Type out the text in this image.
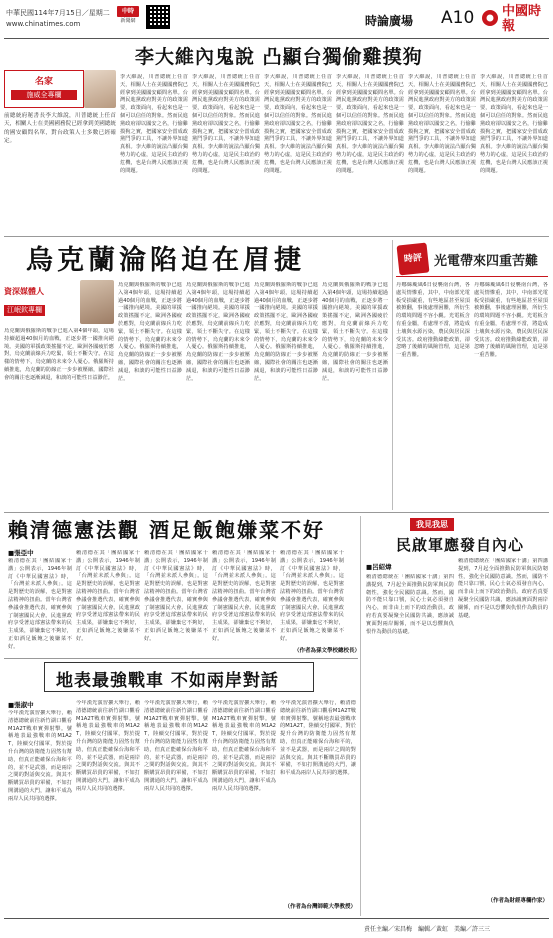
中華民國114年7月15日／星期二
www.chinatimes.com
中時
新聞網	時論廣場 A10 中國時報
李大維內鬼說 凸顯台獨偷雞摸狗
名家
施威全專欄
前總統府秘書長李大維說，川普總統上任首天，相關人士在美國國務院已經拿到美國總統的國安顧問名單，對台政策人士多數已經確定。
李大維說，川普總統上任首天，相關人士在美國國務院已經拿到美國國安顧問名單。台灣民進黨政府對美方的政策需要，政策面向，看起來也是一個可以信任的對象。然而民進黨政府卻以國安之名，行偷雞摸狗之實，把國家安全當成政黨鬥爭的工具，不讓外界知道真相。李大維的說法凸顯台獨勢力的心虛，這是民主政治的危機，也是台灣人民應該正視的問題。
李大維說，川普總統上任首天，相關人士在美國國務院已經拿到美國國安顧問名單。台灣民進黨政府對美方的政策需要，政策面向，看起來也是一個可以信任的對象。然而民進黨政府卻以國安之名，行偷雞摸狗之實，把國家安全當成政黨鬥爭的工具，不讓外界知道真相。李大維的說法凸顯台獨勢力的心虛，這是民主政治的危機，也是台灣人民應該正視的問題。
李大維說，川普總統上任首天，相關人士在美國國務院已經拿到美國國安顧問名單。台灣民進黨政府對美方的政策需要，政策面向，看起來也是一個可以信任的對象。然而民進黨政府卻以國安之名，行偷雞摸狗之實，把國家安全當成政黨鬥爭的工具，不讓外界知道真相。李大維的說法凸顯台獨勢力的心虛，這是民主政治的危機，也是台灣人民應該正視的問題。
李大維說，川普總統上任首天，相關人士在美國國務院已經拿到美國國安顧問名單。台灣民進黨政府對美方的政策需要，政策面向，看起來也是一個可以信任的對象。然而民進黨政府卻以國安之名，行偷雞摸狗之實，把國家安全當成政黨鬥爭的工具，不讓外界知道真相。李大維的說法凸顯台獨勢力的心虛，這是民主政治的危機，也是台灣人民應該正視的問題。
李大維說，川普總統上任首天，相關人士在美國國務院已經拿到美國國安顧問名單。台灣民進黨政府對美方的政策需要，政策面向，看起來也是一個可以信任的對象。然而民進黨政府卻以國安之名，行偷雞摸狗之實，把國家安全當成政黨鬥爭的工具，不讓外界知道真相。李大維的說法凸顯台獨勢力的心虛，這是民主政治的危機，也是台灣人民應該正視的問題。
李大維說，川普總統上任首天，相關人士在美國國務院已經拿到美國國安顧問名單。台灣民進黨政府對美方的政策需要，政策面向，看起來也是一個可以信任的對象。然而民進黨政府卻以國安之名，行偷雞摸狗之實，把國家安全當成政黨鬥爭的工具，不讓外界知道真相。李大維的說法凸顯台獨勢力的心虛，這是民主政治的危機，也是台灣人民應該正視的問題。
烏克蘭淪陷迫在眉捷
資深媒體人
江岷欽專欄
烏克蘭與俄羅斯的戰爭已進入第4個年頭，這場持續超過40個月的血戰，正逐步將一國推向絕境。美國的軍援政策搖擺不定，歐洲各國疲於應對，烏克蘭前線兵力吃緊，領土不斷失守。在這樣的情勢下，烏克蘭的未來令人憂心。俄羅斯持續推進，烏克蘭的防線正一步步被壓縮，國際社會的關注也逐漸減退，和談的可能性日益渺茫。
烏克蘭與俄羅斯的戰爭已進入第4個年頭，這場持續超過40個月的血戰，正逐步將一國推向絕境。美國的軍援政策搖擺不定，歐洲各國疲於應對，烏克蘭前線兵力吃緊，領土不斷失守。在這樣的情勢下，烏克蘭的未來令人憂心。俄羅斯持續推進，烏克蘭的防線正一步步被壓縮，國際社會的關注也逐漸減退，和談的可能性日益渺茫。
烏克蘭與俄羅斯的戰爭已進入第4個年頭，這場持續超過40個月的血戰，正逐步將一國推向絕境。美國的軍援政策搖擺不定，歐洲各國疲於應對，烏克蘭前線兵力吃緊，領土不斷失守。在這樣的情勢下，烏克蘭的未來令人憂心。俄羅斯持續推進，烏克蘭的防線正一步步被壓縮，國際社會的關注也逐漸減退，和談的可能性日益渺茫。
烏克蘭與俄羅斯的戰爭已進入第4個年頭，這場持續超過40個月的血戰，正逐步將一國推向絕境。美國的軍援政策搖擺不定，歐洲各國疲於應對，烏克蘭前線兵力吃緊，領土不斷失守。在這樣的情勢下，烏克蘭的未來令人憂心。俄羅斯持續推進，烏克蘭的防線正一步步被壓縮，國際社會的關注也逐漸減退，和談的可能性日益渺茫。
烏克蘭與俄羅斯的戰爭已進入第4個年頭，這場持續超過40個月的血戰，正逐步將一國推向絕境。美國的軍援政策搖擺不定，歐洲各國疲於應對，烏克蘭前線兵力吃緊，領土不斷失守。在這樣的情勢下，烏克蘭的未來令人憂心。俄羅斯持續推進，烏克蘭的防線正一步步被壓縮，國際社會的關注也逐漸減退，和談的可能性日益渺茫。
時評 光電帶來四重苦難
丹娜絲颱風6日侵襲南台灣，各處災情慘重，其中，中南部光電板受損嚴重，有些地區甚至屋頂被掀翻，事後處理困難，所衍生的環境問題不容小覷。光電板含有重金屬，若處理不當，將造成土壤與水源污染，農民與居民深受其害。政府推動綠能政策，卻忽略了後續的風險管理，這是第一重苦難。
丹娜絲颱風6日侵襲南台灣，各處災情慘重，其中，中南部光電板受損嚴重，有些地區甚至屋頂被掀翻，事後處理困難，所衍生的環境問題不容小覷。光電板含有重金屬，若處理不當，將造成土壤與水源污染，農民與居民深受其害。政府推動綠能政策，卻忽略了後續的風險管理，這是第一重苦難。
賴清德憲法觀 酒足飯飽嫌菜不好
■張亞中
賴清德在其「團結國家十講」公開表示，1946年制訂《中華民國憲法》時，「台灣並未派人參與」。這是對歷史的誤解，也是對憲法精神的扭曲。當年台灣省參議會推選代表，確實參與了制憲國民大會。民進黨政府享受著這部憲法帶來的民主成果，卻嫌棄它不夠好，正如酒足飯飽之後嫌菜不好。
賴清德在其「團結國家十講」公開表示，1946年制訂《中華民國憲法》時，「台灣並未派人參與」。這是對歷史的誤解，也是對憲法精神的扭曲。當年台灣省參議會推選代表，確實參與了制憲國民大會。民進黨政府享受著這部憲法帶來的民主成果，卻嫌棄它不夠好，正如酒足飯飽之後嫌菜不好。
賴清德在其「團結國家十講」公開表示，1946年制訂《中華民國憲法》時，「台灣並未派人參與」。這是對歷史的誤解，也是對憲法精神的扭曲。當年台灣省參議會推選代表，確實參與了制憲國民大會。民進黨政府享受著這部憲法帶來的民主成果，卻嫌棄它不夠好，正如酒足飯飽之後嫌菜不好。
賴清德在其「團結國家十講」公開表示，1946年制訂《中華民國憲法》時，「台灣並未派人參與」。這是對歷史的誤解，也是對憲法精神的扭曲。當年台灣省參議會推選代表，確實參與了制憲國民大會。民進黨政府享受著這部憲法帶來的民主成果，卻嫌棄它不夠好，正如酒足飯飽之後嫌菜不好。
賴清德在其「團結國家十講」公開表示，1946年制訂《中華民國憲法》時，「台灣並未派人參與」。這是對歷史的誤解，也是對憲法精神的扭曲。當年台灣省參議會推選代表，確實參與了制憲國民大會。民進黨政府享受著這部憲法帶來的民主成果，卻嫌棄它不夠好，正如酒足飯飽之後嫌菜不好。
（作者為孫文學校總校長）
我見我思
民啟軍應發自內心
■呂紹煒
賴清德總統在「團結國家十講」第四講提到，7月起全面推動民防軍與民防韌性，強化全民國防意識。然而，國防不能只靠口號，民心士氣必須發自內心，而非由上而下的政治動員。政府若真要凝聚全民國防共識，應該誠實面對兩岸關係，而不是以恐懼與仇恨作為動員的基礎。
賴清德總統在「團結國家十講」第四講提到，7月起全面推動民防軍與民防韌性，強化全民國防意識。然而，國防不能只靠口號，民心士氣必須發自內心，而非由上而下的政治動員。政府若真要凝聚全民國防共識，應該誠實面對兩岸關係，而不是以恐懼與仇恨作為動員的基礎。
（作者為財經專欄作家）
地表最強戰車 不如兩岸對話
■張淑中
今年漢光演習擴大舉行，賴清德總統前往新竹湖口觀看M1A2T戰車實彈射擊。號稱地表最強戰車的M1A2T，陸續交付國軍，對於提升台灣的防衛能力固然有幫助，但真正能確保台海和平的，並不是武器，而是兩岸之間的對話與交流。與其不斷購買昂貴的軍備，不如打開溝通的大門，讓和平成為兩岸人民共同的選擇。
今年漢光演習擴大舉行，賴清德總統前往新竹湖口觀看M1A2T戰車實彈射擊。號稱地表最強戰車的M1A2T，陸續交付國軍，對於提升台灣的防衛能力固然有幫助，但真正能確保台海和平的，並不是武器，而是兩岸之間的對話與交流。與其不斷購買昂貴的軍備，不如打開溝通的大門，讓和平成為兩岸人民共同的選擇。
今年漢光演習擴大舉行，賴清德總統前往新竹湖口觀看M1A2T戰車實彈射擊。號稱地表最強戰車的M1A2T，陸續交付國軍，對於提升台灣的防衛能力固然有幫助，但真正能確保台海和平的，並不是武器，而是兩岸之間的對話與交流。與其不斷購買昂貴的軍備，不如打開溝通的大門，讓和平成為兩岸人民共同的選擇。
今年漢光演習擴大舉行，賴清德總統前往新竹湖口觀看M1A2T戰車實彈射擊。號稱地表最強戰車的M1A2T，陸續交付國軍，對於提升台灣的防衛能力固然有幫助，但真正能確保台海和平的，並不是武器，而是兩岸之間的對話與交流。與其不斷購買昂貴的軍備，不如打開溝通的大門，讓和平成為兩岸人民共同的選擇。
今年漢光演習擴大舉行，賴清德總統前往新竹湖口觀看M1A2T戰車實彈射擊。號稱地表最強戰車的M1A2T，陸續交付國軍，對於提升台灣的防衛能力固然有幫助，但真正能確保台海和平的，並不是武器，而是兩岸之間的對話與交流。與其不斷購買昂貴的軍備，不如打開溝通的大門，讓和平成為兩岸人民共同的選擇。
（作者為台灣師範大學教授）
責任主編／宋昌梅　編輯／黃虹　美編／許三三
